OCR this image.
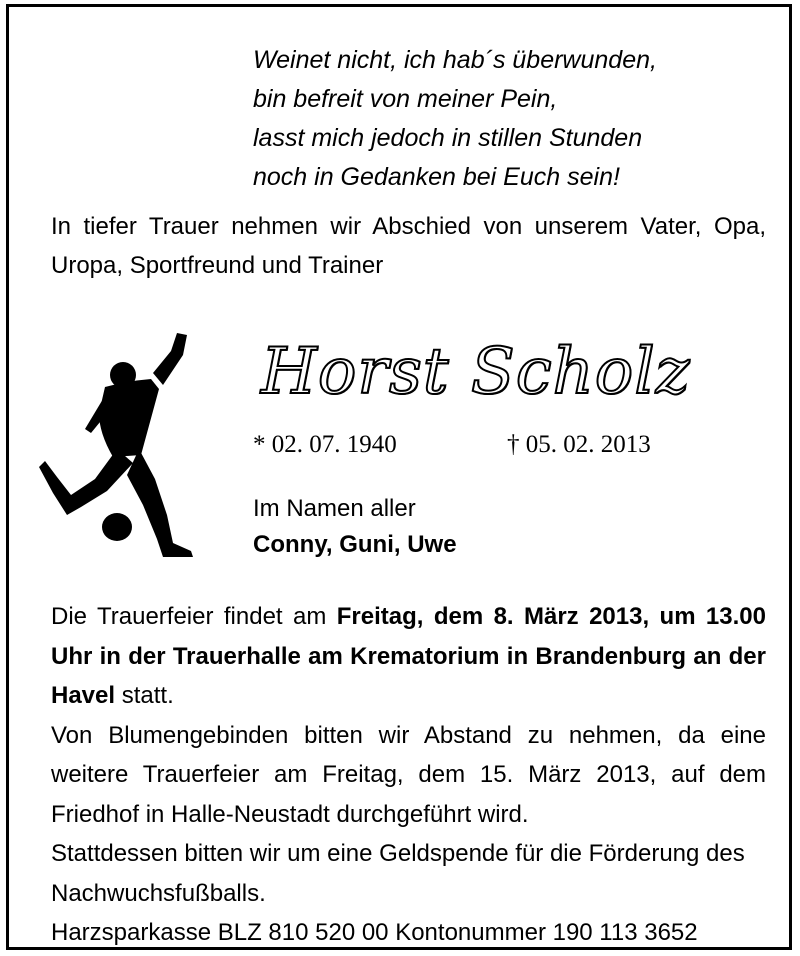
Weinet nicht, ich hab´s überwunden,
bin befreit von meiner Pein,
lasst mich jedoch in stillen Stunden
noch in Gedanken bei Euch sein!
In tiefer Trauer nehmen wir Abschied von unserem Vater, Opa, Uropa, Sportfreund und Trainer
Horst Scholz
* 02. 07. 1940	† 05. 02. 2013
Im Namen aller
Conny, Guni, Uwe

Die Trauerfeier findet am Freitag, dem 8. März 2013, um 13.00 Uhr in der Trauerhalle am Krematorium in Brandenburg an der Havel statt.

Von Blumengebinden bitten wir Abstand zu nehmen, da eine weitere Trauerfeier am Freitag, dem 15. März 2013, auf dem Friedhof in Halle-Neustadt durchgeführt wird.

Stattdessen bitten wir um eine Geldspende für die Förderung des Nachwuchsfußballs.

Harzsparkasse BLZ 810 520 00 Kontonummer 190 113 3652
